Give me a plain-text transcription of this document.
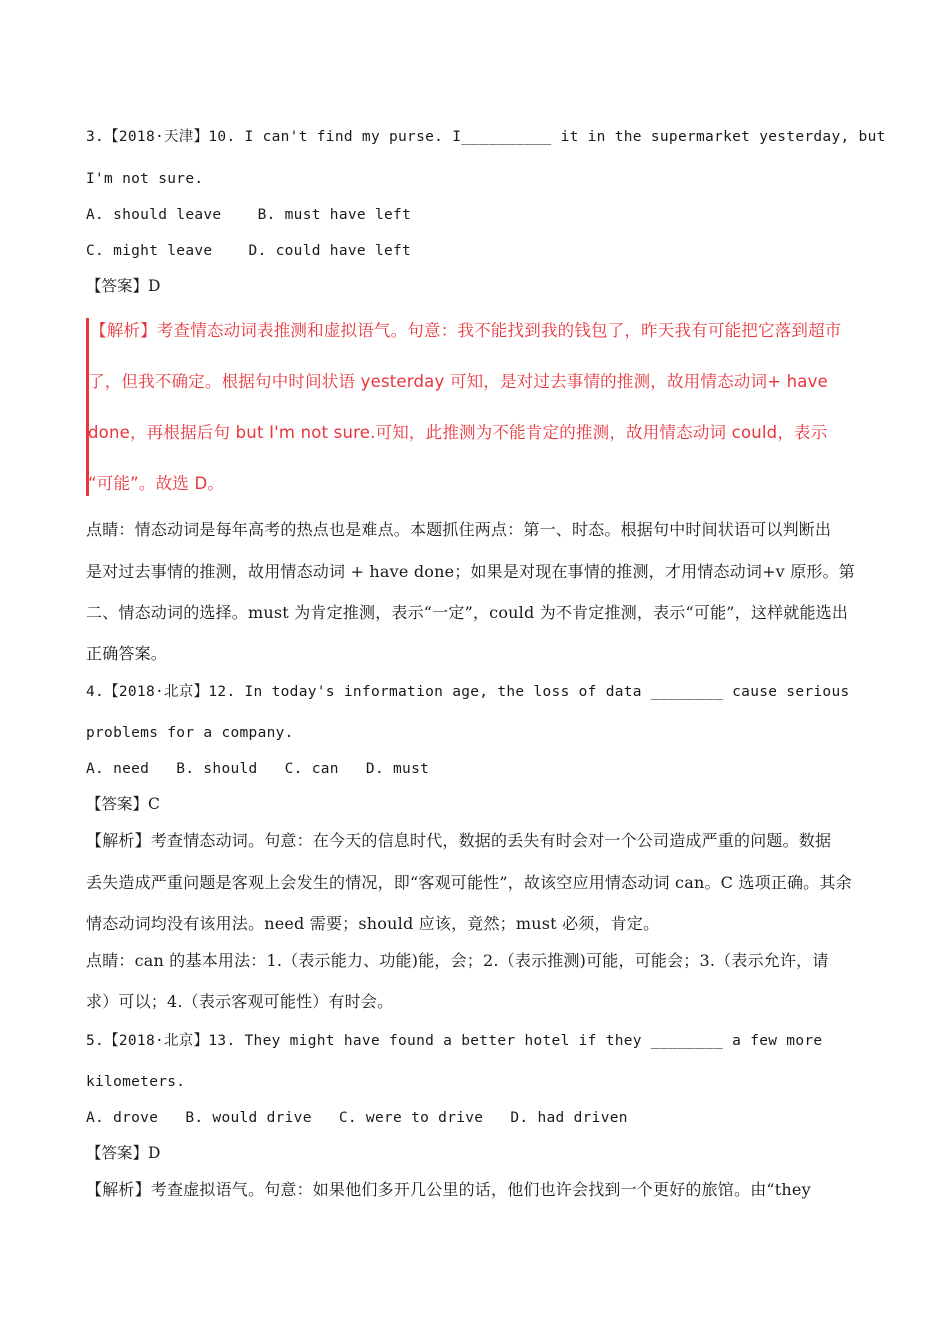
3.【2018·天津】10. I can't find my purse. I__________ it in the supermarket yesterday, but
I'm not sure.
A. should leave    B. must have left
C. might leave    D. could have left
【答案】D
【解析】考查情态动词表推测和虚拟语气。句意：我不能找到我的钱包了，昨天我有可能把它落到超市
了，但我不确定。根据句中时间状语 yesterday 可知，是对过去事情的推测，故用情态动词+ have
done，再根据后句 but I'm not sure.可知，此推测为不能肯定的推测，故用情态动词 could，表示
“可能”。故选 D。
点睛：情态动词是每年高考的热点也是难点。本题抓住两点：第一、时态。根据句中时间状语可以判断出
是对过去事情的推测，故用情态动词 + have done；如果是对现在事情的推测，才用情态动词+v 原形。第
二、情态动词的选择。must 为肯定推测，表示“一定”，could 为不肯定推测，表示“可能”，这样就能选出
正确答案。
4.【2018·北京】12. In today's information age, the loss of data ________ cause serious
problems for a company.
A. need   B. should   C. can   D. must
【答案】C
【解析】考查情态动词。句意：在今天的信息时代，数据的丢失有时会对一个公司造成严重的问题。数据
丢失造成严重问题是客观上会发生的情况，即“客观可能性”，故该空应用情态动词 can。C 选项正确。其余
情态动词均没有该用法。need 需要；should 应该，竟然；must 必须，肯定。
点睛：can 的基本用法：1.（表示能力、功能)能，会；2.（表示推测)可能，可能会；3.（表示允许，请
求）可以；4.（表示客观可能性）有时会。
5.【2018·北京】13. They might have found a better hotel if they ________ a few more
kilometers.
A. drove   B. would drive   C. were to drive   D. had driven
【答案】D
【解析】考查虚拟语气。句意：如果他们多开几公里的话，他们也许会找到一个更好的旅馆。由“they
